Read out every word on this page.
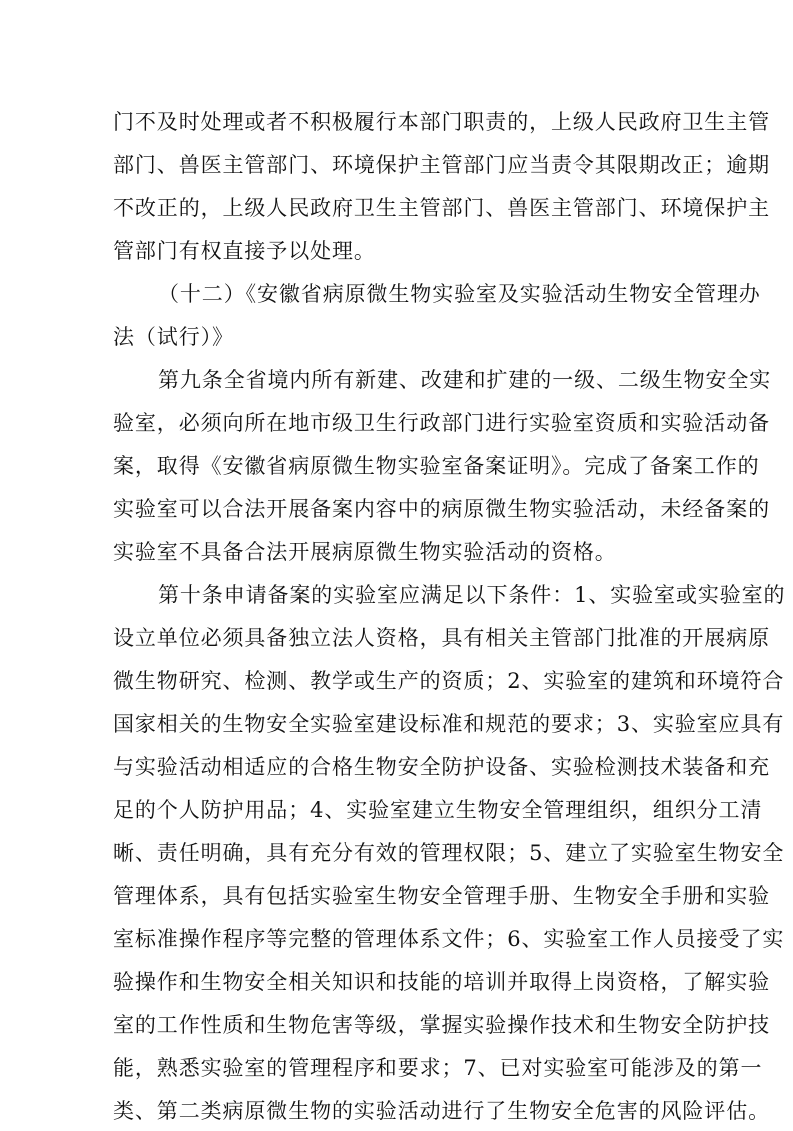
门不及时处理或者不积极履行本部门职责的，上级人民政府卫生主管
部门、兽医主管部门、环境保护主管部门应当责令其限期改正；逾期
不改正的，上级人民政府卫生主管部门、兽医主管部门、环境保护主
管部门有权直接予以处理。
（十二）《安徽省病原微生物实验室及实验活动生物安全管理办
法（试行）》
第九条全省境内所有新建、改建和扩建的一级、二级生物安全实
验室，必须向所在地市级卫生行政部门进行实验室资质和实验活动备
案，取得《安徽省病原微生物实验室备案证明》。完成了备案工作的
实验室可以合法开展备案内容中的病原微生物实验活动，未经备案的
实验室不具备合法开展病原微生物实验活动的资格。
第十条申请备案的实验室应满足以下条件：1、实验室或实验室的
设立单位必须具备独立法人资格，具有相关主管部门批准的开展病原
微生物研究、检测、教学或生产的资质；2、实验室的建筑和环境符合
国家相关的生物安全实验室建设标准和规范的要求；3、实验室应具有
与实验活动相适应的合格生物安全防护设备、实验检测技术装备和充
足的个人防护用品；4、实验室建立生物安全管理组织，组织分工清
晰、责任明确，具有充分有效的管理权限；5、建立了实验室生物安全
管理体系，具有包括实验室生物安全管理手册、生物安全手册和实验
室标准操作程序等完整的管理体系文件；6、实验室工作人员接受了实
验操作和生物安全相关知识和技能的培训并取得上岗资格，了解实验
室的工作性质和生物危害等级，掌握实验操作技术和生物安全防护技
能，熟悉实验室的管理程序和要求；7、已对实验室可能涉及的第一
类、第二类病原微生物的实验活动进行了生物安全危害的风险评估。
